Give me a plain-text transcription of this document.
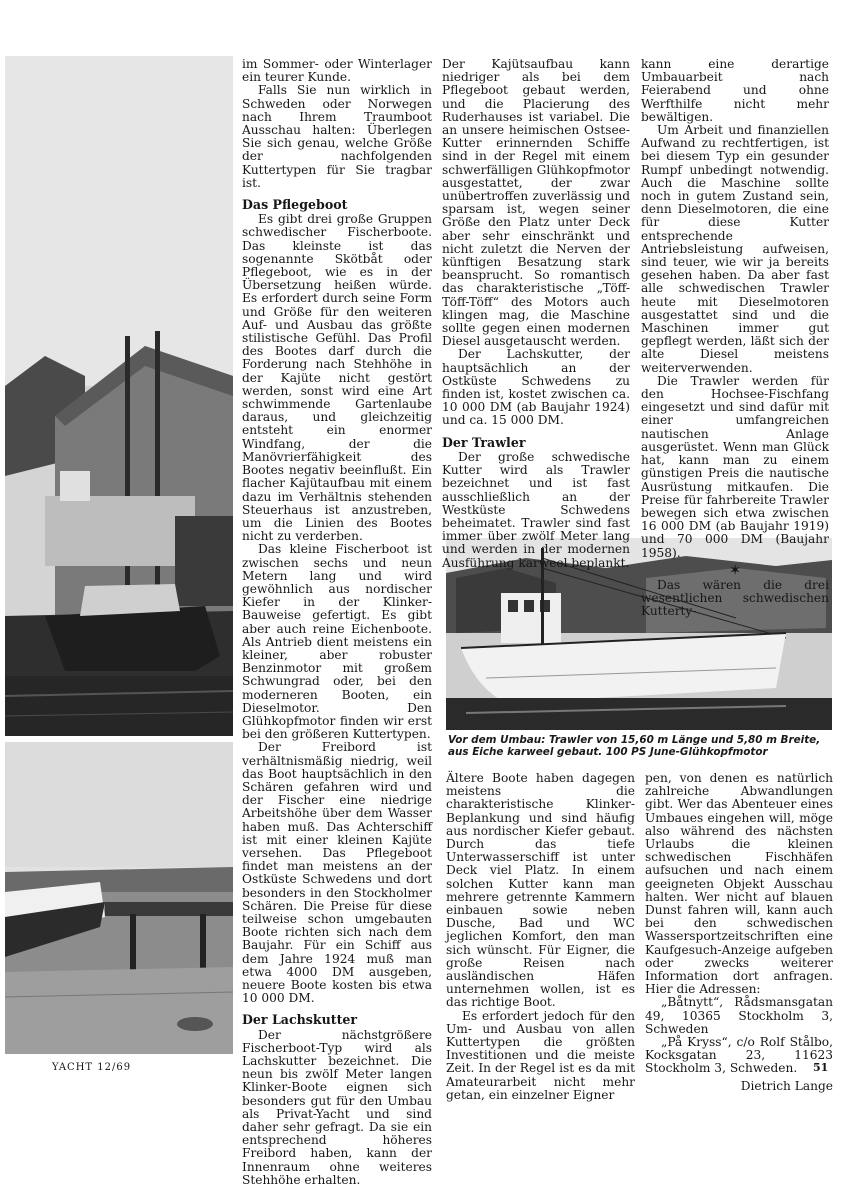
im Sommer- oder Winterlager ein teurer Kunde.

Falls Sie nun wirklich in Schweden oder Norwegen nach Ihrem Traumboot Ausschau halten: Überlegen Sie sich genau, welche Größe der nachfolgenden Kuttertypen für Sie tragbar ist.

Das Pflegeboot

Es gibt drei große Gruppen schwedischer Fischerboote. Das kleinste ist das sogenannte Skötbåt oder Pflegeboot, wie es in der Übersetzung heißen würde. Es erfordert durch seine Form und Größe für den weiteren Auf- und Ausbau das größte stilistische Gefühl. Das Profil des Bootes darf durch die Forderung nach Stehhöhe in der Kajüte nicht gestört werden, sonst wird eine Art schwimmende Gartenlaube daraus, und gleichzeitig entsteht ein enormer Windfang, der die Manövrierfähigkeit des Bootes negativ beeinflußt. Ein flacher Kajütaufbau mit einem dazu im Verhältnis stehenden Steuerhaus ist anzustreben, um die Linien des Bootes nicht zu verderben.

Das kleine Fischerboot ist zwischen sechs und neun Metern lang und wird gewöhnlich aus nordischer Kiefer in der Klinker-Bauweise gefertigt. Es gibt aber auch reine Eichenboote. Als Antrieb dient meistens ein kleiner, aber robuster Benzinmotor mit großem Schwungrad oder, bei den moderneren Booten, ein Dieselmotor. Den Glühkopfmotor finden wir erst bei den größeren Kuttertypen.

Der Freibord ist verhältnismäßig niedrig, weil das Boot hauptsächlich in den Schären gefahren wird und der Fischer eine niedrige Arbeitshöhe über dem Wasser haben muß. Das Achterschiff ist mit einer kleinen Kajüte versehen. Das Pflegeboot findet man meistens an der Ostküste Schwedens und dort besonders in den Stockholmer Schären. Die Preise für diese teilweise schon umgebauten Boote richten sich nach dem Baujahr. Für ein Schiff aus dem Jahre 1924 muß man etwa 4000 DM ausgeben, neuere Boote kosten bis etwa 10 000 DM.

Der Lachskutter

Der nächstgrößere Fischerboot-Typ wird als Lachskutter bezeichnet. Die neun bis zwölf Meter langen Klinker-Boote eignen sich besonders gut für den Umbau als Privat-Yacht und sind daher sehr gefragt. Da sie ein entsprechend höheres Freibord haben, kann der Innenraum ohne weiteres Stehhöhe erhalten.

Der Kajütsaufbau kann niedriger als bei dem Pflegeboot gebaut werden, und die Placierung des Ruderhauses ist variabel. Die an unsere heimischen Ostsee-Kutter erinnernden Schiffe sind in der Regel mit einem schwerfälligen Glühkopfmotor ausgestattet, der zwar unübertroffen zuverlässig und sparsam ist, wegen seiner Größe den Platz unter Deck aber sehr einschränkt und nicht zuletzt die Nerven der künftigen Besatzung stark beansprucht. So romantisch das charakteristische „Töff-Töff-Töff“ des Motors auch klingen mag, die Maschine sollte gegen einen modernen Diesel ausgetauscht werden.

Der Lachskutter, der hauptsächlich an der Ostküste Schwedens zu finden ist, kostet zwischen ca. 10 000 DM (ab Baujahr 1924) und ca. 15 000 DM.

Der Trawler

Der große schwedische Kutter wird als Trawler bezeichnet und ist fast ausschließlich an der Westküste Schwedens beheimatet. Trawler sind fast immer über zwölf Meter lang und werden in der modernen Ausführung karweel beplankt.

kann eine derartige Umbauarbeit nach Feierabend und ohne Werfthilfe nicht mehr bewältigen.

Um Arbeit und finanziellen Aufwand zu rechtfertigen, ist bei diesem Typ ein gesunder Rumpf unbedingt notwendig. Auch die Maschine sollte noch in gutem Zustand sein, denn Dieselmotoren, die eine für diese Kutter entsprechende Antriebsleistung aufweisen, sind teuer, wie wir ja bereits gesehen haben. Da aber fast alle schwedischen Trawler heute mit Dieselmotoren ausgestattet sind und die Maschinen immer gut gepflegt werden, läßt sich der alte Diesel meistens weiterverwenden.

Die Trawler werden für den Hochsee-Fischfang eingesetzt und sind dafür mit einer umfangreichen nautischen Anlage ausgerüstet. Wenn man Glück hat, kann man zu einem günstigen Preis die nautische Ausrüstung mitkaufen. Die Preise für fahrbereite Trawler bewegen sich etwa zwischen 16 000 DM (ab Baujahr 1919) und 70 000 DM (Baujahr 1958).

✶

Das wären die drei wesentlichen schwedischen Kutterty-

Vor dem Umbau: Trawler von 15,60 m Länge und 5,80 m Breite, aus Eiche karweel gebaut. 100 PS June-Glühkopfmotor

Ältere Boote haben dagegen meistens die charakteristische Klinker-Beplankung und sind häufig aus nordischer Kiefer gebaut. Durch das tiefe Unterwasserschiff ist unter Deck viel Platz. In einem solchen Kutter kann man mehrere getrennte Kammern einbauen sowie neben Dusche, Bad und WC jeglichen Komfort, den man sich wünscht. Für Eigner, die große Reisen nach ausländischen Häfen unternehmen wollen, ist es das richtige Boot.

Es erfordert jedoch für den Um- und Ausbau von allen Kuttertypen die größten Investitionen und die meiste Zeit. In der Regel ist es da mit Amateurarbeit nicht mehr getan, ein einzelner Eigner

pen, von denen es natürlich zahlreiche Abwandlungen gibt. Wer das Abenteuer eines Umbaues eingehen will, möge also während des nächsten Urlaubs die kleinen schwedischen Fischhäfen aufsuchen und nach einem geeigneten Objekt Ausschau halten. Wer nicht auf blauen Dunst fahren will, kann auch bei den schwedischen Wassersportzeitschriften eine Kaufgesuch-Anzeige aufgeben oder zwecks weiterer Information dort anfragen. Hier die Adressen:

„Båtnytt“, Rådsmansgatan 49, 10365 Stockholm 3, Schweden

„På Kryss“, c/o Rolf Stålbo, Kocksgatan 23, 11623 Stockholm 3, Schweden.

Dietrich Lange
YACHT 12/69	51
